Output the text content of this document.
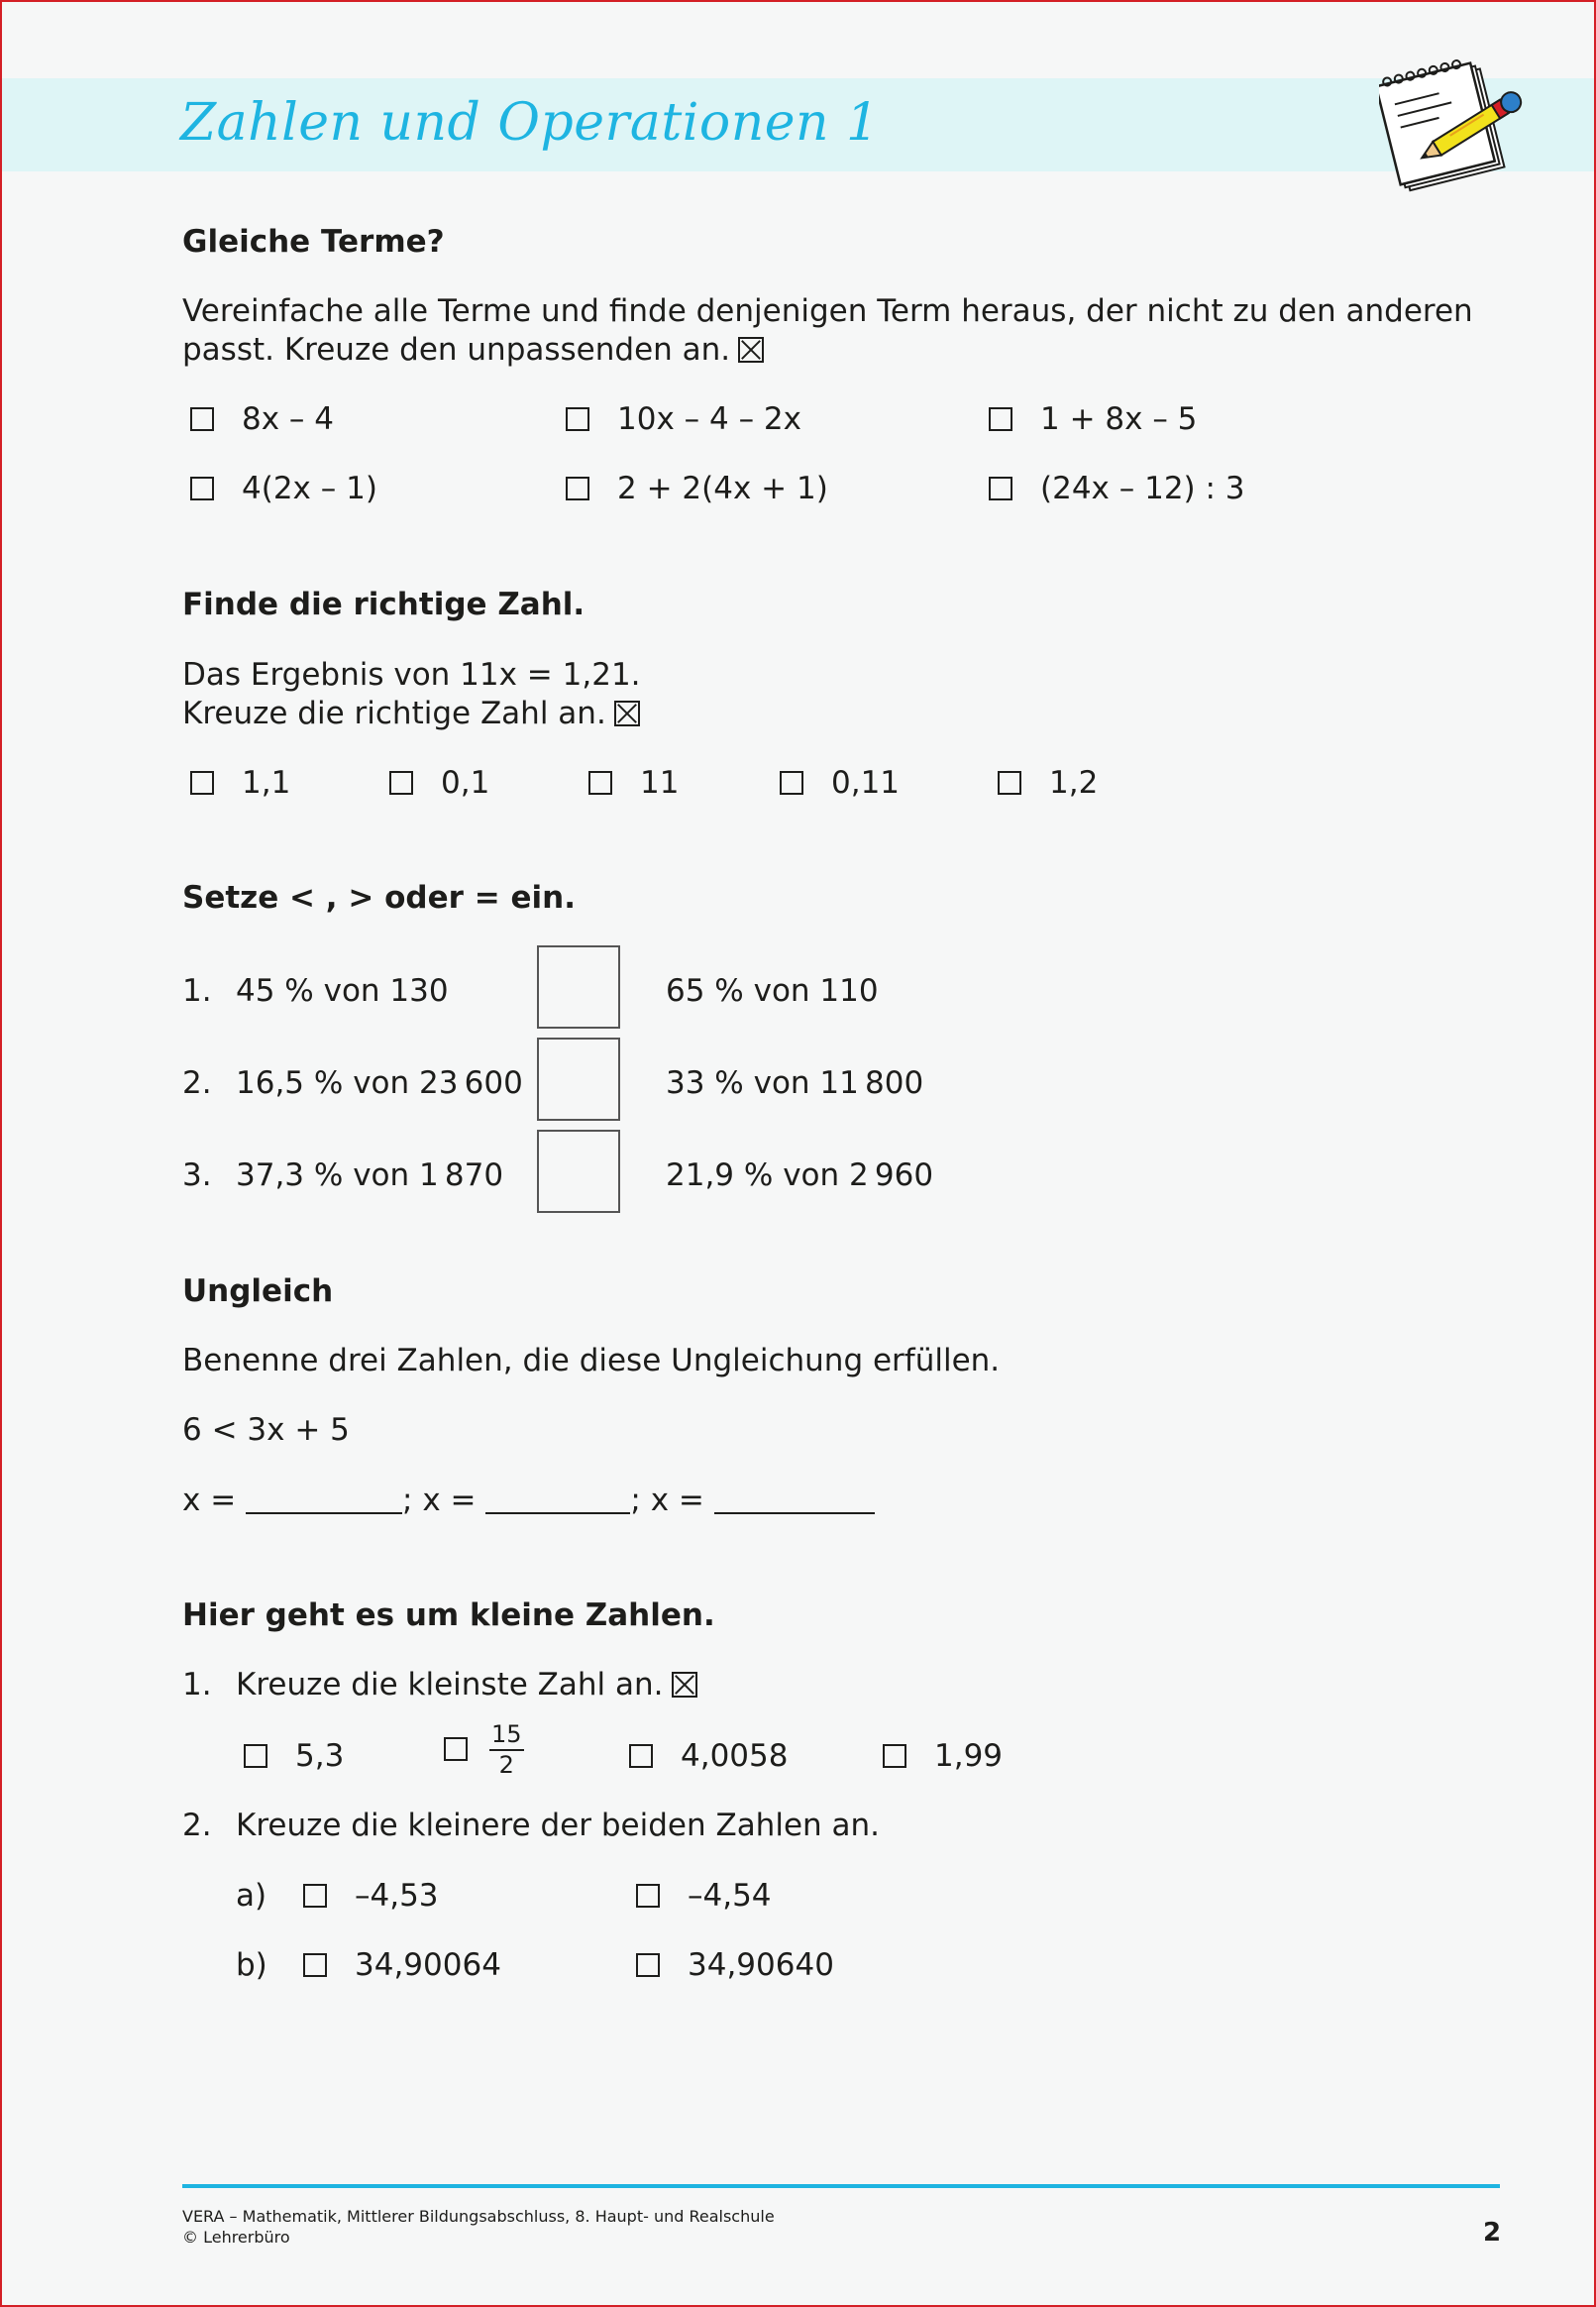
Zahlen und Operationen 1
Gleiche Terme?
Vereinfache alle Terme und finde denjenigen Term heraus, der nicht zu den anderen
passt. Kreuze den unpassenden an.
8x – 4	10x – 4 – 2x	1 + 8x – 5
4(2x – 1)	2 + 2(4x + 1)	(24x – 12) : 3
Finde die richtige Zahl.
Das Ergebnis von 11x = 1,21.
Kreuze die richtige Zahl an.
1,1	0,1	11	0,11	1,2
Setze < , > oder = ein.
1. 45 % von 130	65 % von 110
2. 16,5 % von 23 600	33 % von 11 800
3. 37,3 % von 1 870	21,9 % von 2 960
Ungleich
Benenne drei Zahlen, die diese Ungleichung erfüllen.
6 < 3x + 5
x =	; x =	; x =
Hier geht es um kleine Zahlen.
1. Kreuze die kleinste Zahl an.
5,3	$\frac{15}{2}$	4,0058	1,99
2. Kreuze die kleinere der beiden Zahlen an.
a)	–4,53	–4,54
b)	34,90064	34,90640
VERA – Mathematik, Mittlerer Bildungsabschluss, 8. Haupt- und Realschule
© Lehrerbüro	2
